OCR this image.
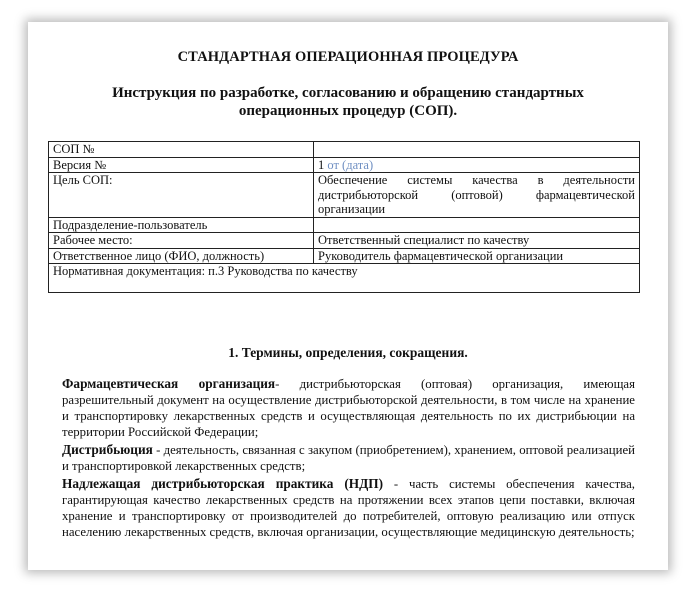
СТАНДАРТНАЯ ОПЕРАЦИОННАЯ ПРОЦЕДУРА
Инструкция по разработке, согласованию и обращению стандартных операционных процедур (СОП).
СОП №	
Версия №	1 от (дата)
Цель СОП:	Обеспечение системы качества в деятельности дистрибьюторской (оптовой) фармацевтической организации
Подразделение-пользователь	
Рабочее место:	Ответственный специалист по качеству
Ответственное лицо (ФИО, должность)	Руководитель фармацевтической организации
Нормативная документация: п.3 Руководства по качеству	
1. Термины, определения, сокращения.

Фармацевтическая организация- дистрибьюторская (оптовая) организация, имеющая разрешительный документ на осуществление дистрибьюторской деятельности, в том числе на хранение и транспортировку лекарственных средств и осуществляющая деятельность по их дистрибьюции на территории Российской Федерации;

Дистрибьюция - деятельность, связанная с закупом (приобретением), хранением, оптовой реализацией и транспортировкой лекарственных средств;

Надлежащая дистрибьюторская практика (НДП) - часть системы обеспечения качества, гарантирующая качество лекарственных средств на протяжении всех этапов цепи поставки, включая хранение и транспортировку от производителей до потребителей, оптовую реализацию или отпуск населению лекарственных средств, включая организации, осуществляющие медицинскую деятельность;
